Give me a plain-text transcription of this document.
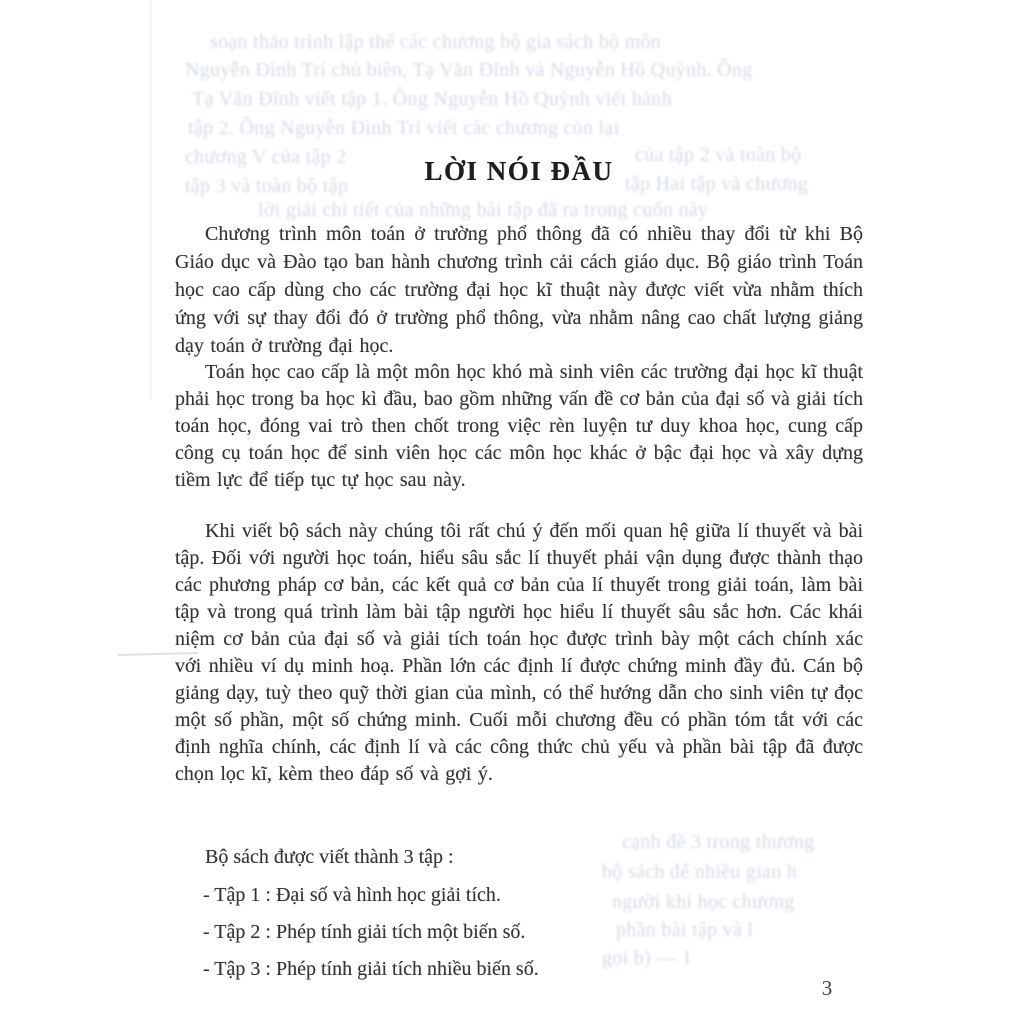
soạn thảo trình lập thể các chương bộ gia sách bộ môn
Nguyễn Đình Trí chủ biên, Tạ Văn Đĩnh và Nguyễn Hồ Quỳnh. Ông
Tạ Văn Đĩnh viết tập 1. Ông Nguyễn Hồ Quỳnh viết hành
tập 2. Ông Nguyễn Đình Trí viết các chương còn lại
chương V của tập 2	của tập 2 và toàn bộ
tập 3 và toàn bộ tập	tập Hai tập và chương
lời giải chi tiết của những bài tập đã ra trong cuốn này
cạnh đề 3 trong thương
bộ sách để nhiều gian h
người khi học chương
phần bài tập và l
gọi b) — 1
LỜI NÓI ĐẦU

Chương trình môn toán ở trường phổ thông đã có nhiều thay đổi từ khi Bộ Giáo dục và Đào tạo ban hành chương trình cải cách giáo dục. Bộ giáo trình Toán học cao cấp dùng cho các trường đại học kĩ thuật này được viết vừa nhằm thích ứng với sự thay đổi đó ở trường phổ thông, vừa nhằm nâng cao chất lượng giảng dạy toán ở trường đại học.

Toán học cao cấp là một môn học khó mà sinh viên các trường đại học kĩ thuật phải học trong ba học kì đầu, bao gồm những vấn đề cơ bản của đại số và giải tích toán học, đóng vai trò then chốt trong việc rèn luyện tư duy khoa học, cung cấp công cụ toán học để sinh viên học các môn học khác ở bậc đại học và xây dựng tiềm lực để tiếp tục tự học sau này.

Khi viết bộ sách này chúng tôi rất chú ý đến mối quan hệ giữa lí thuyết và bài tập. Đối với người học toán, hiểu sâu sắc lí thuyết phải vận dụng được thành thạo các phương pháp cơ bản, các kết quả cơ bản của lí thuyết trong giải toán, làm bài tập và trong quá trình làm bài tập người học hiểu lí thuyết sâu sắc hơn. Các khái niệm cơ bản của đại số và giải tích toán học được trình bày một cách chính xác với nhiều ví dụ minh hoạ. Phần lớn các định lí được chứng minh đầy đủ. Cán bộ giảng dạy, tuỳ theo quỹ thời gian của mình, có thể hướng dẫn cho sinh viên tự đọc một số phần, một số chứng minh. Cuối mỗi chương đều có phần tóm tắt với các định nghĩa chính, các định lí và các công thức chủ yếu và phần bài tập đã được chọn lọc kĩ, kèm theo đáp số và gợi ý.

Bộ sách được viết thành 3 tập :
- Tập 1 : Đại số và hình học giải tích.
- Tập 2 : Phép tính giải tích một biến số.
- Tập 3 : Phép tính giải tích nhiều biến số.
3
